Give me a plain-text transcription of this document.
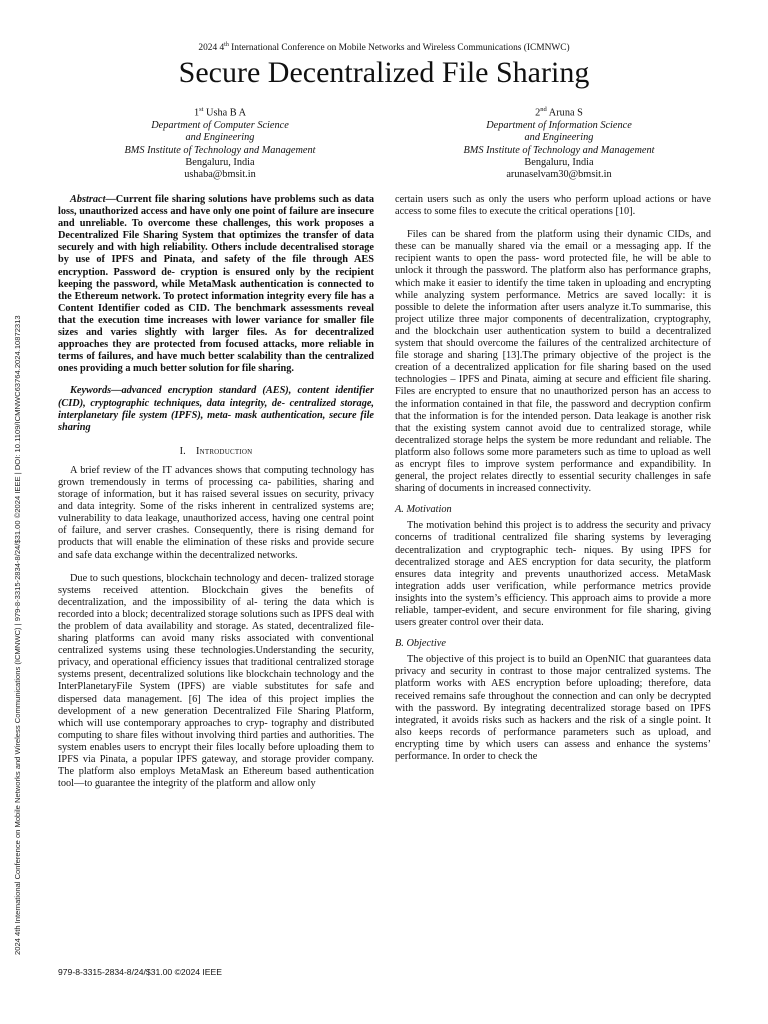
2024 4th International Conference on Mobile Networks and Wireless Communications (ICMNWC)
Secure Decentralized File Sharing
1st Usha B A
Department of Computer Science
and Engineering
BMS Institute of Technology and Management
Bengaluru, India
ushaba@bmsit.in
2nd Aruna S
Department of Information Science
and Engineering
BMS Institute of Technology and Management
Bengaluru, India
arunaselvam30@bmsit.in
2024 4th International Conference on Mobile Networks and Wireless Communications (ICMNWC) | 979-8-3315-2834-8/24/$31.00 ©2024 IEEE | DOI: 10.1109/ICMNWC63764.2024.10872313

Abstract—Current file sharing solutions have problems such as data loss, unauthorized access and have only one point of failure are insecure and unreliable. To overcome these challenges, this work proposes a Decentralized File Sharing System that optimizes the transfer of data securely and with high reliability. Others include decentralised storage by use of IPFS and Pinata, and safety of the file through AES encryption. Password de- cryption is ensured only by the recipient keeping the password, while MetaMask authentication is connected to the Ethereum network. To protect information integrity every file has a Content Identifier coded as CID. The benchmark assessments reveal that the execution time increases with lower variance for smaller file sizes and varies slightly with larger files. As for decentralized approaches they are protected from focused attacks, more reliable in terms of failures, and have much better scalability than the centralized ones providing a much better solution for file sharing.

Keywords—advanced encryption standard (AES), content identifier (CID), cryptographic techniques, data integrity, de- centralized storage, interplanetary file system (IPFS), meta- mask authentication, secure file sharing

I. Introduction

A brief review of the IT advances shows that computing technology has grown tremendously in terms of processing ca- pabilities, sharing and storage of information, but it has raised several issues on security, privacy and data integrity. Some of the risks inherent in centralized systems are; vulnerability to data leakage, unauthorized access, having one central point of failure, and server crashes. Consequently, there is rising demand for products that will enable the elimination of these risks and provide secure and safe data exchange within the decentralized networks.

Due to such questions, blockchain technology and decen- tralized storage systems received attention. Blockchain gives the benefits of decentralization, and the impossibility of al- tering the data which is recorded into a block; decentralized storage solutions such as IPFS deal with the problem of data availability and storage. As stated, decentralized file-sharing platforms can avoid many risks associated with conventional centralized systems using these technologies.Understanding the security, privacy, and operational efficiency issues that traditional centralized storage systems present, decentralized solutions like blockchain technology and the InterPlanetaryFile System (IPFS) are viable substitutes for safe and dispersed data management. [6] The idea of this project implies the development of a new generation Decentralized File Sharing Platform, which will use contemporary approaches to cryp- tography and distributed computing to share files without involving third parties and authorities. The system enables users to encrypt their files locally before uploading them to IPFS via Pinata, a popular IPFS gateway, and storage provider company. The platform also employs MetaMask an Ethereum based authentication tool—to guarantee the integrity of the platform and allow only

certain users such as only the users who perform upload actions or have access to some files to execute the critical operations [10].

Files can be shared from the platform using their dynamic CIDs, and these can be manually shared via the email or a messaging app. If the recipient wants to open the pass- word protected file, he will be able to unlock it through the password. The platform also has performance graphs, which make it easier to identify the time taken in uploading and encrypting while analyzing system performance. Metrics are saved locally: it is possible to delete the information after users analyze it.To summarise, this project utilize three major components of decentralization, cryptography, and the blockchain user authentication system to build a decentralized system that should overcome the failures of the centralized architecture of file storage and sharing [13].The primary objective of the project is the creation of a decentralized application for file sharing based on the used technologies – IPFS and Pinata, aiming at secure and efficient file sharing. Files are encrypted to ensure that no unauthorized person has an access to the information contained in that file, the password and decryption confirm that the information is for the intended person. Data leakage is another risk that the existing system cannot avoid due to centralized storage, while decentralized storage helps the system be more redundant and reliable. The platform also follows some more parameters such as time to upload as well as encrypt files to improve system performance and expandibility. In general, the project relates directly to essential security challenges in safe sharing of documents in increased connectivity.

A. Motivation

The motivation behind this project is to address the security and privacy concerns of traditional centralized file sharing systems by leveraging decentralization and cryptographic tech- niques. By using IPFS for decentralized storage and AES encryption for data security, the platform ensures data integrity and prevents unauthorized access. MetaMask integration adds user verification, while performance metrics provide insights into the system’s efficiency. This approach aims to provide a more reliable, tamper-evident, and secure environment for file sharing, giving users greater control over their data.

B. Objective

The objective of this project is to build an OpenNIC that guarantees data privacy and security in contrast to those major centralized systems. The platform works with AES encryption before uploading; therefore, data received remains safe throughout the connection and can only be decrypted with the password. By integrating decentralized storage based on IPFS integrated, it avoids risks such as hackers and the risk of a single point. It also keeps records of performance parameters such as upload, and encrypting time by which users can assess and enhance the systems’ performance. In order to check the

979-8-3315-2834-8/24/$31.00 ©2024 IEEE
